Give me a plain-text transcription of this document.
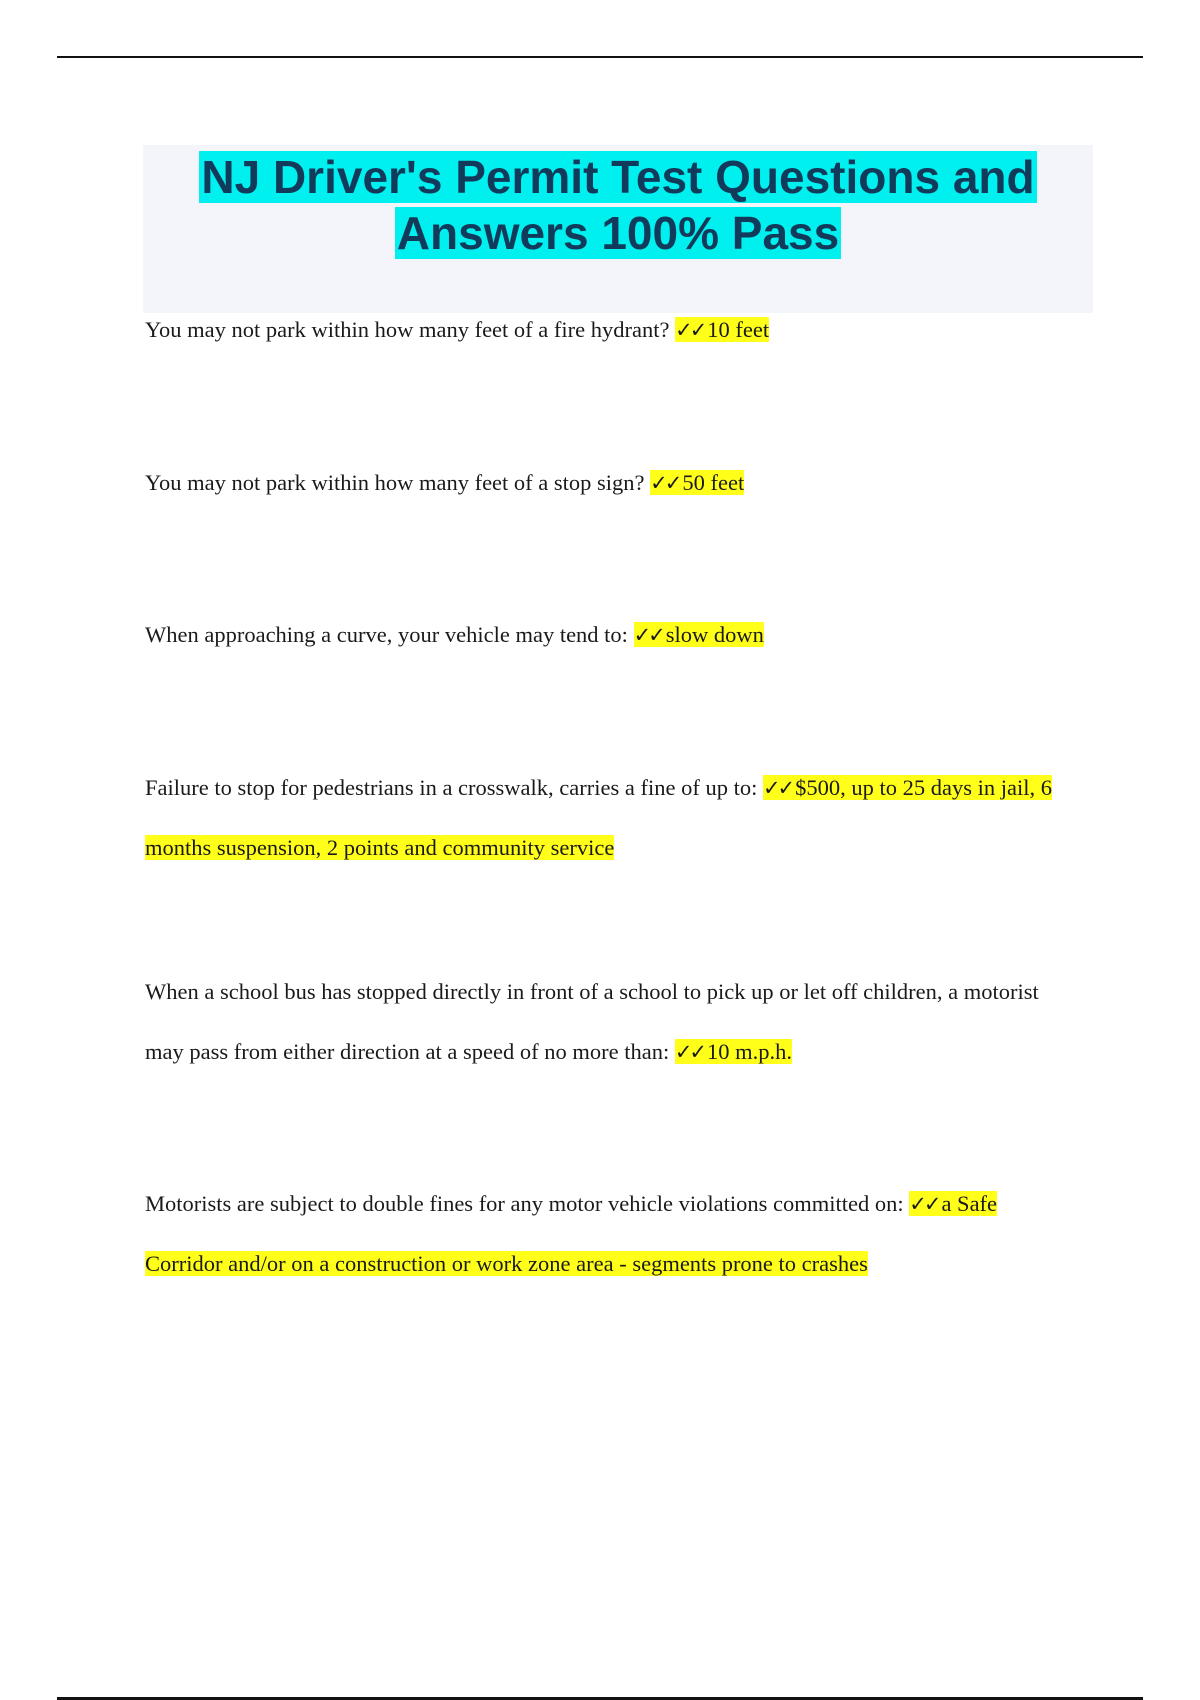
NJ Driver's Permit Test Questions and
Answers 100% Pass

You may not park within how many feet of a fire hydrant? ✓✓ 10 feet

You may not park within how many feet of a stop sign? ✓✓ 50 feet

When approaching a curve, your vehicle may tend to: ✓✓ slow down

Failure to stop for pedestrians in a crosswalk, carries a fine of up to: ✓✓ $500, up to 25 days in jail, 6 months suspension, 2 points and community service

When a school bus has stopped directly in front of a school to pick up or let off children, a motorist may pass from either direction at a speed of no more than: ✓✓ 10 m.p.h.

Motorists are subject to double fines for any motor vehicle violations committed on: ✓✓ a Safe Corridor and/or on a construction or work zone area - segments prone to crashes
